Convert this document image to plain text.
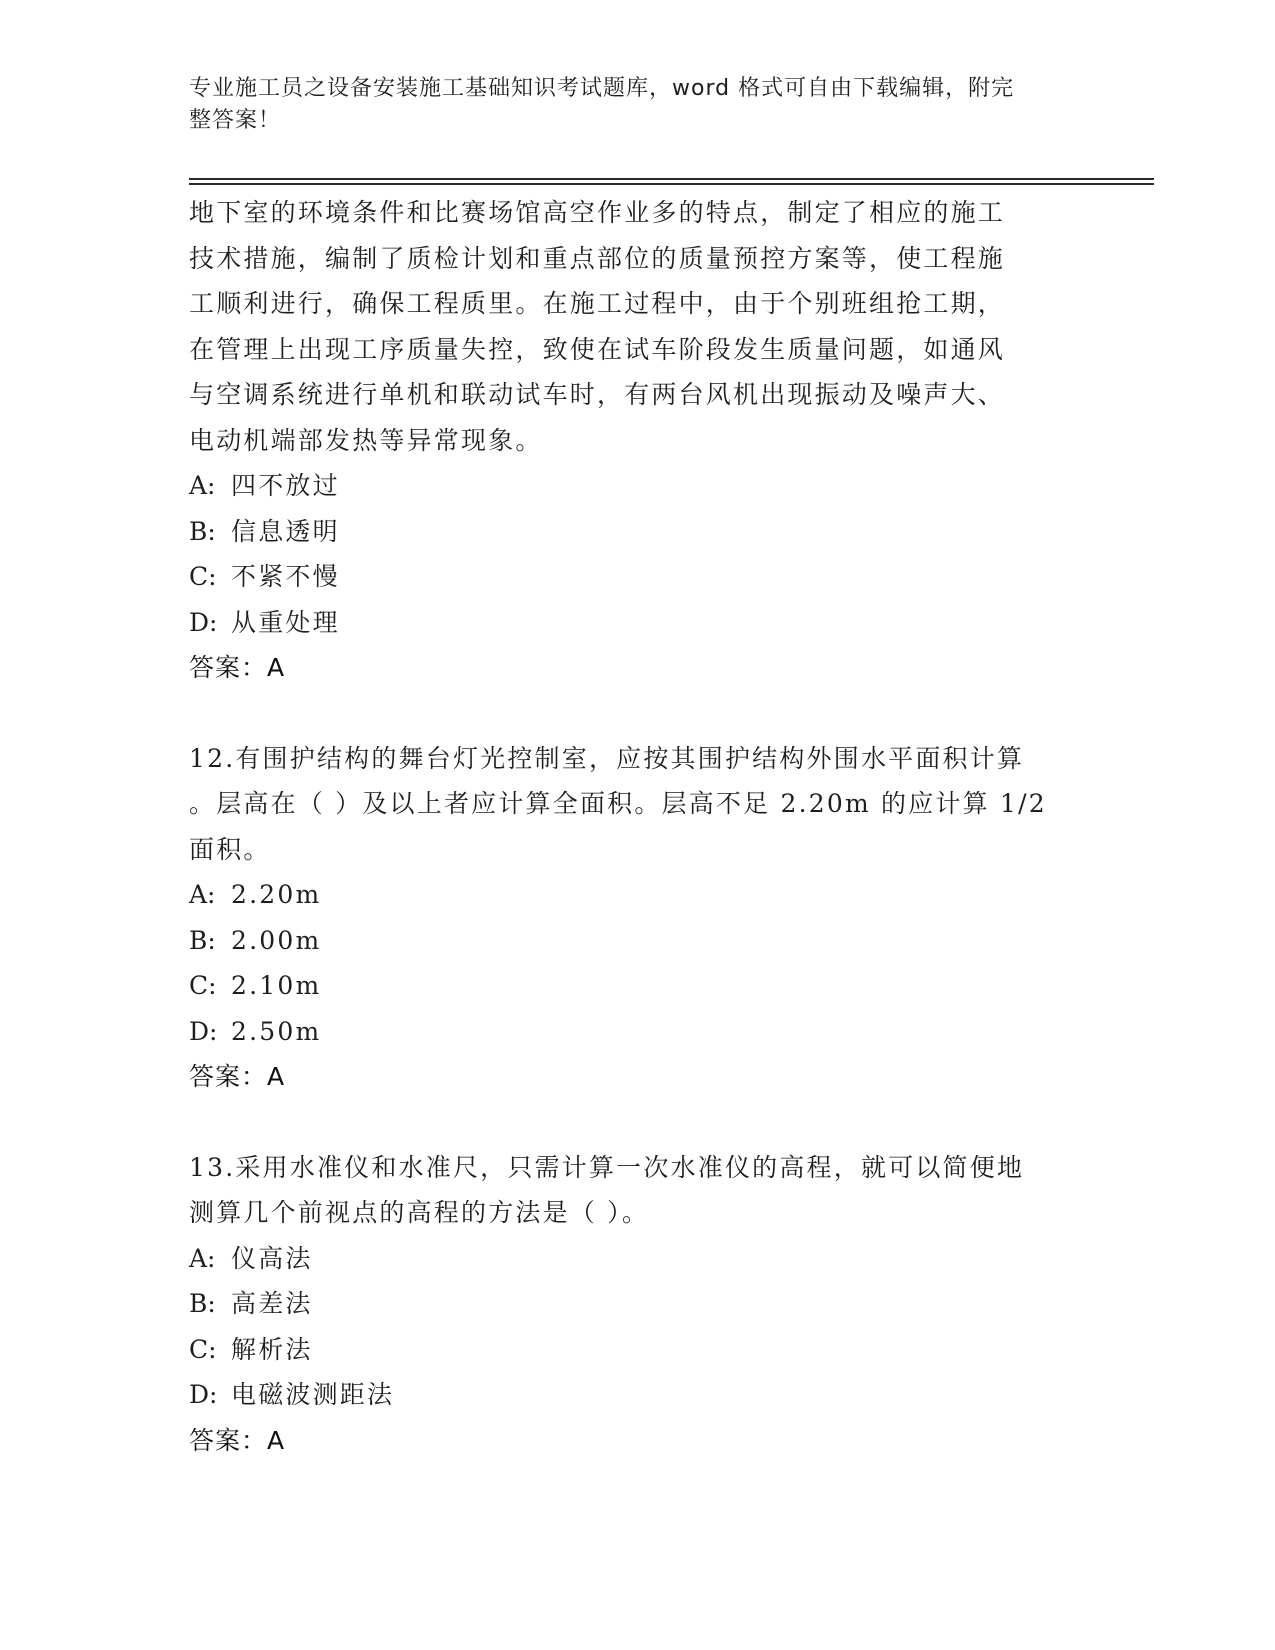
专业施工员之设备安装施工基础知识考试题库，word 格式可自由下载编辑，附完
整答案！
地下室的环境条件和比赛场馆高空作业多的特点，制定了相应的施工
技术措施，编制了质检计划和重点部位的质量预控方案等，使工程施
工顺利进行，确保工程质里。在施工过程中，由于个别班组抢工期，
在管理上出现工序质量失控，致使在试车阶段发生质量问题，如通风
与空调系统进行单机和联动试车时，有两台风机出现振动及噪声大、
电动机端部发热等异常现象。
A: 四不放过
B: 信息透明
C: 不紧不慢
D: 从重处理
答案：A
12.有围护结构的舞台灯光控制室，应按其围护结构外围水平面积计算
。层高在（ ）及以上者应计算全面积。层高不足 2.20m 的应计算 1/2
面积。
A: 2.20m
B: 2.00m
C: 2.10m
D: 2.50m
答案：A
13.采用水准仪和水准尺，只需计算一次水准仪的高程，就可以简便地
测算几个前视点的高程的方法是（ ）。
A: 仪高法
B: 高差法
C: 解析法
D: 电磁波测距法
答案：A
